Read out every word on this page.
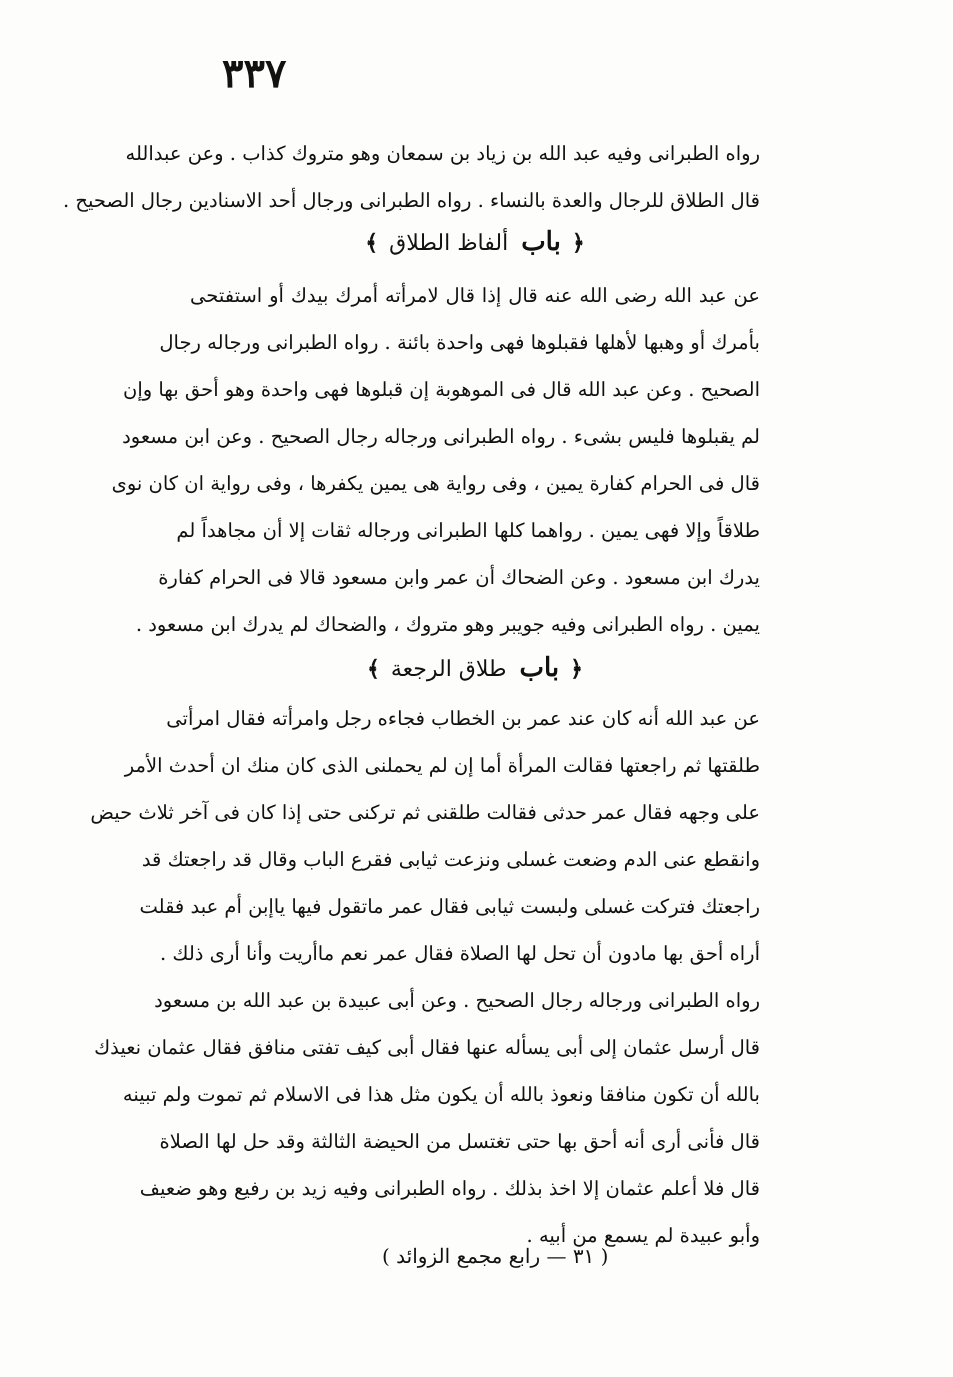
٣٣٧
رواه الطبرانى وفيه عبد الله بن زياد بن سمعان وهو متروك كذاب . وعن عبدالله
قال الطلاق للرجال والعدة بالنساء . رواه الطبرانى ورجال أحد الاسنادين رجال الصحيح .
﴿ باب ألفاظ الطلاق ﴾
عن عبد الله رضى الله عنه قال إذا قال لامرأته أمرك بيدك أو استفتحى
بأمرك أو وهبها لأهلها فقبلوها فهى واحدة بائنة . رواه الطبرانى ورجاله رجال
الصحيح . وعن عبد الله قال فى الموهوبة إن قبلوها فهى واحدة وهو أحق بها وإن
لم يقبلوها فليس بشىء . رواه الطبرانى ورجاله رجال الصحيح . وعن ابن مسعود
قال فى الحرام كفارة يمين ، وفى رواية هى يمين يكفرها ، وفى رواية ان كان نوى
طلاقاً وإلا فهى يمين . رواهما كلها الطبرانى ورجاله ثقات إلا أن مجاهداً لم
يدرك ابن مسعود . وعن الضحاك أن عمر وابن مسعود قالا فى الحرام كفارة
يمين . رواه الطبرانى وفيه جويبر وهو متروك ، والضحاك لم يدرك ابن مسعود .
﴿ باب طلاق الرجعة ﴾
عن عبد الله أنه كان عند عمر بن الخطاب فجاءه رجل وامرأته فقال امرأتى
طلقتها ثم راجعتها فقالت المرأة أما إن لم يحملنى الذى كان منك ان أحدث الأمر
على وجهه فقال عمر حدثى فقالت طلقنى ثم تركنى حتى إذا كان فى آخر ثلاث حيض
وانقطع عنى الدم وضعت غسلى ونزعت ثيابى فقرع الباب وقال قد راجعتك قد
راجعتك فتركت غسلى ولبست ثيابى فقال عمر ماتقول فيها ياإبن أم عبد فقلت
أراه أحق بها مادون أن تحل لها الصلاة فقال عمر نعم ماأريت وأنا أرى ذلك .
رواه الطبرانى ورجاله رجال الصحيح . وعن أبى عبيدة بن عبد الله بن مسعود
قال أرسل عثمان إلى أبى يسأله عنها فقال أبى كيف تفتى منافق فقال عثمان نعيذك
بالله أن تكون منافقا ونعوذ بالله أن يكون مثل هذا فى الاسلام ثم تموت ولم تبينه
قال فأنى أرى أنه أحق بها حتى تغتسل من الحيضة الثالثة وقد حل لها الصلاة
قال فلا أعلم عثمان إلا اخذ بذلك . رواه الطبرانى وفيه زيد بن رفيع وهو ضعيف
وأبو عبيدة لم يسمع من أبيه .
( ٣١ — رابع مجمع الزوائد )
